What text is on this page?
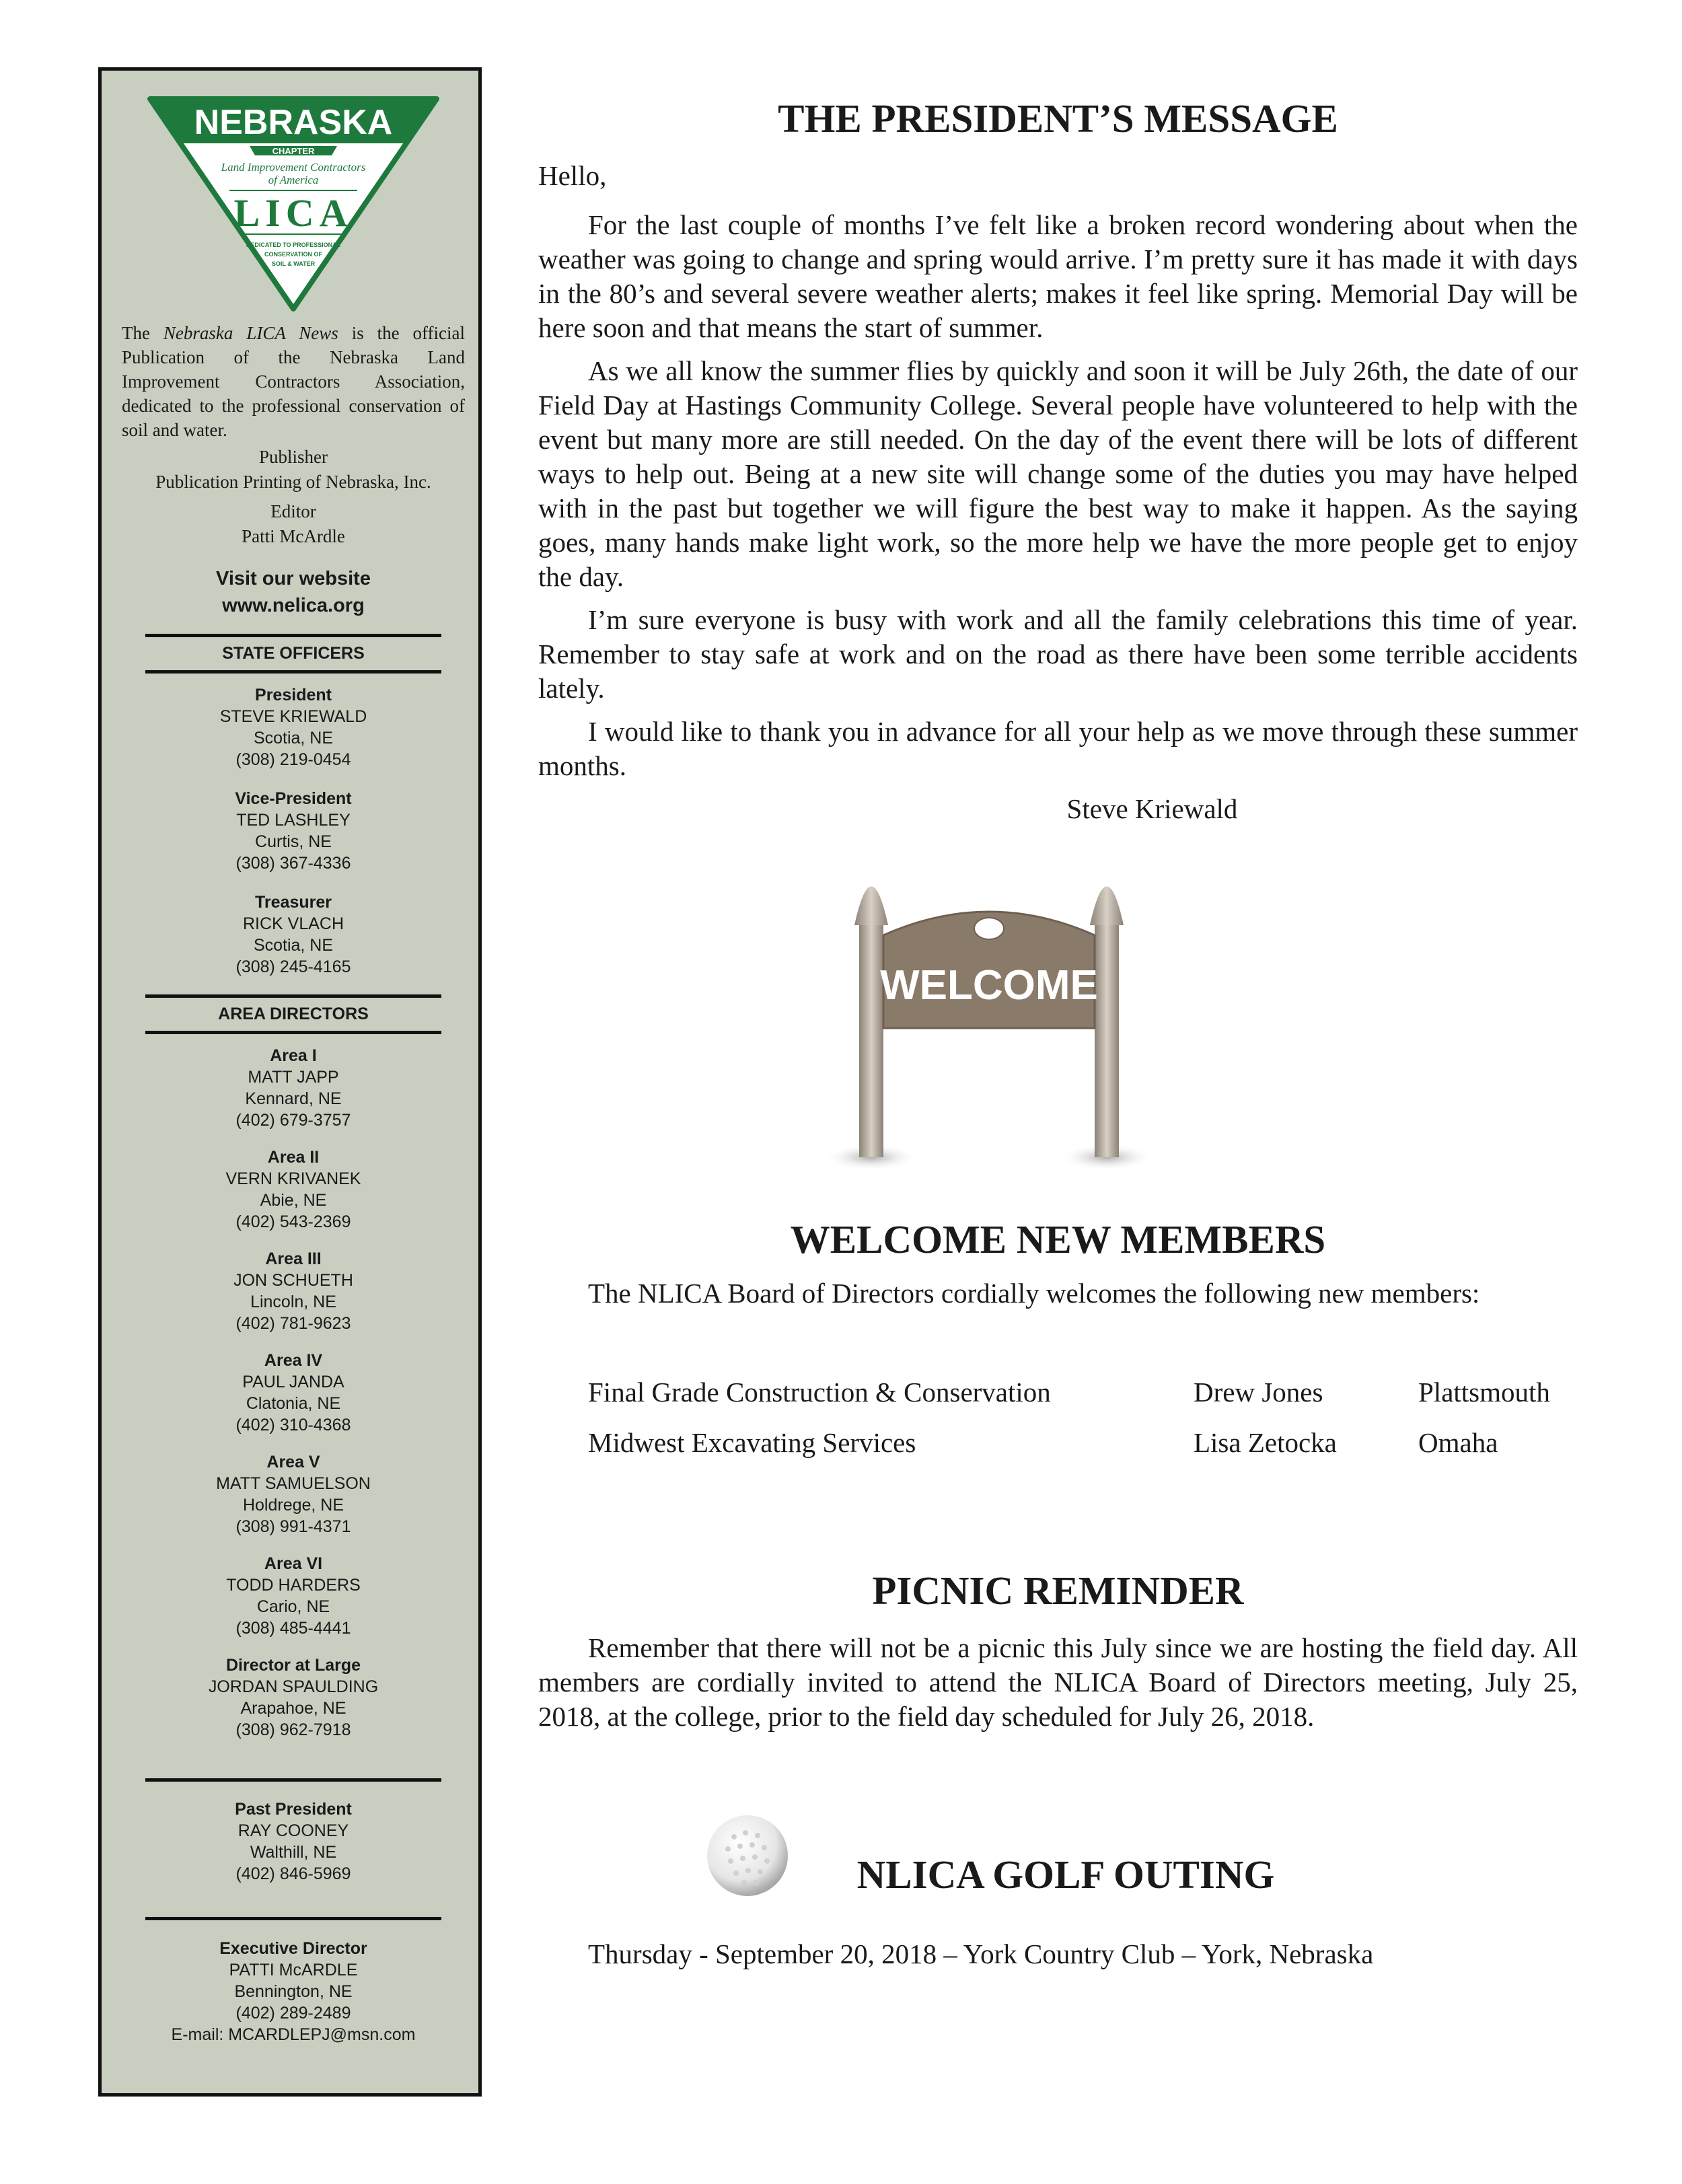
NEBRASKA
CHAPTER
Land Improvement Contractors
of America
LICA
DEDICATED TO PROFESSIONAL
CONSERVATION OF
SOIL & WATER
The Nebraska LICA News is the official Publication of the Nebraska Land Improvement Contractors Association, dedicated to the professional conservation of soil and water.
Publisher
Publication Printing of Nebraska, Inc.
Editor
Patti McArdle
Visit our website
www.nelica.org
STATE OFFICERS
President
STEVE KRIEWALD
Scotia, NE
(308) 219-0454
Vice-President
TED LASHLEY
Curtis, NE
(308) 367-4336
Treasurer
RICK VLACH
Scotia, NE
(308) 245-4165
AREA DIRECTORS
Area I
MATT JAPP
Kennard, NE
(402) 679-3757
Area II
VERN KRIVANEK
Abie, NE
(402) 543-2369
Area III
JON SCHUETH
Lincoln, NE
(402) 781-9623
Area IV
PAUL JANDA
Clatonia, NE
(402) 310-4368
Area V
MATT SAMUELSON
Holdrege, NE
(308) 991-4371
Area VI
TODD HARDERS
Cario, NE
(308) 485-4441
Director at Large
JORDAN SPAULDING
Arapahoe, NE
(308) 962-7918
Past President
RAY COONEY
Walthill, NE
(402) 846-5969
Executive Director
PATTI McARDLE
Bennington, NE
(402) 289-2489
E-mail: MCARDLEPJ@msn.com
THE PRESIDENT’S MESSAGE

Hello,

For the last couple of months I’ve felt like a broken record wondering about when the weather was going to change and spring would arrive. I’m pretty sure it has made it with days in the 80’s and several severe weather alerts; makes it feel like spring. Memorial Day will be here soon and that means the start of summer.

As we all know the summer flies by quickly and soon it will be July 26th, the date of our Field Day at Hastings Community College. Several people have volunteered to help with the event but many more are still needed. On the day of the event there will be lots of different ways to help out. Being at a new site will change some of the duties you may have helped with in the past but together we will figure the best way to make it happen. As the saying goes, many hands make light work, so the more help we have the more people get to enjoy the day.

I’m sure everyone is busy with work and all the family celebrations this time of year. Remember to stay safe at work and on the road as there have been some terrible accidents lately.

I would like to thank you in advance for all your help as we move through these summer months.

Steve Kriewald

WELCOME
WELCOME NEW MEMBERS
The NLICA Board of Directors cordially welcomes the following new members:
Final Grade Construction & Conservation	Drew Jones	Plattsmouth
Midwest Excavating Services	Lisa Zetocka	Omaha
PICNIC REMINDER

Remember that there will not be a picnic this July since we are hosting the field day. All members are cordially invited to attend the NLICA Board of Directors meeting, July 25, 2018, at the college, prior to the field day scheduled for July 26, 2018.

NLICA GOLF OUTING
Thursday - September 20, 2018 – York Country Club – York, Nebraska
